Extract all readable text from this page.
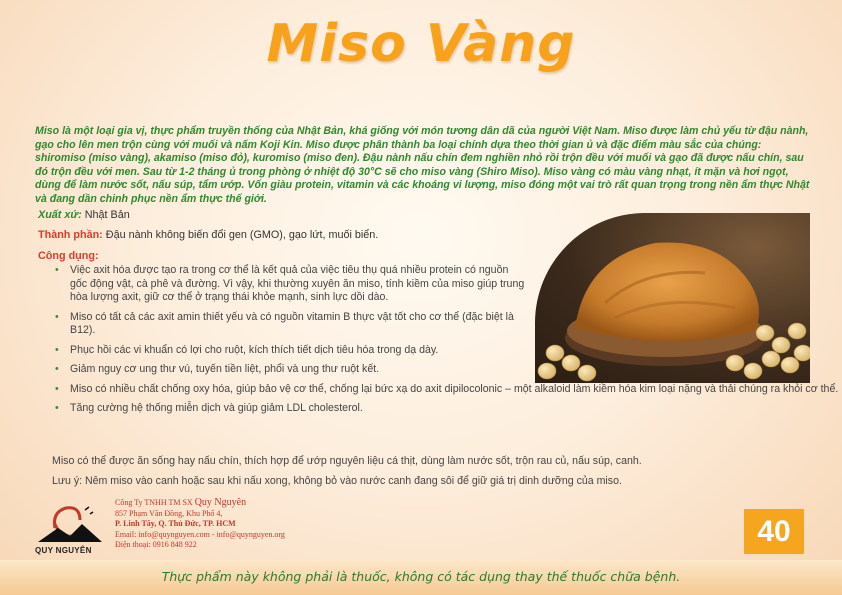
Miso Vàng
Miso là một loại gia vị, thực phẩm truyền thống của Nhật Bản, khá giống với món tương dân dã của người Việt Nam. Miso được làm chủ yếu từ đậu nành, gạo cho lên men trộn cùng với muối và nấm Koji Kin. Miso được phân thành ba loại chính dựa theo thời gian ủ và đặc điểm màu sắc của chúng: shiromiso (miso vàng), akamiso (miso đỏ), kuromiso (miso đen). Đậu nành nấu chín đem nghiền nhỏ rồi trộn đều với muối và gạo đã được nấu chín, sau đó trộn đều với men. Sau từ 1-2 tháng ủ trong phòng ở nhiệt độ 30°C sẽ cho miso vàng (Shiro Miso). Miso vàng có màu vàng nhạt, ít mặn và hơi ngọt, dùng để làm nước sốt, nấu súp, tẩm ướp. Vốn giàu protein, vitamin và các khoáng vi lượng, miso đóng một vai trò rất quan trọng trong nền ẩm thực Nhật và đang dần chinh phục nền ẩm thực thế giới.
Xuất xứ: Nhật Bản
Thành phần: Đậu nành không biến đổi gen (GMO), gạo lứt, muối biển.
Công dụng:
• Việc axit hóa được tạo ra trong cơ thể là kết quả của việc tiêu thụ quá nhiều protein có nguồn gốc động vật, cà phê và đường. Vì vậy, khi thường xuyên ăn miso, tính kiềm của miso giúp trung hòa lượng axit, giữ cơ thể ở trạng thái khỏe mạnh, sinh lực dồi dào.
• Miso có tất cả các axit amin thiết yếu và có nguồn vitamin B thực vật tốt cho cơ thể (đặc biệt là B12).
• Phục hồi các vi khuẩn có lợi cho ruột, kích thích tiết dịch tiêu hóa trong dạ dày.
• Giảm nguy cơ ung thư vú, tuyến tiền liệt, phổi và ung thư ruột kết.
• Miso có nhiều chất chống oxy hóa, giúp bảo vệ cơ thể, chống lại bức xạ do axit dipilocolonic – một alkaloid làm kiềm hóa kim loại nặng và thải chúng ra khỏi cơ thể.
• Tăng cường hệ thống miễn dịch và giúp giảm LDL cholesterol.
Miso có thể được ăn sống hay nấu chín, thích hợp để ướp nguyên liệu cá thịt, dùng làm nước sốt, trộn rau củ, nấu súp, canh.
Lưu ý: Nêm miso vào canh hoặc sau khi nấu xong, không bỏ vào nước canh đang sôi để giữ giá trị dinh dưỡng của miso.
QUY NGUYÊN
Công Ty TNHH TM SX Quy Nguyên
857 Phạm Văn Đồng, Khu Phố 4,
P. Linh Tây, Q. Thủ Đức, TP. HCM
Email: info@quynguyen.com - info@quynguyen.org
Điện thoại: 0916 848 922	40
Thực phẩm này không phải là thuốc, không có tác dụng thay thế thuốc chữa bệnh.
